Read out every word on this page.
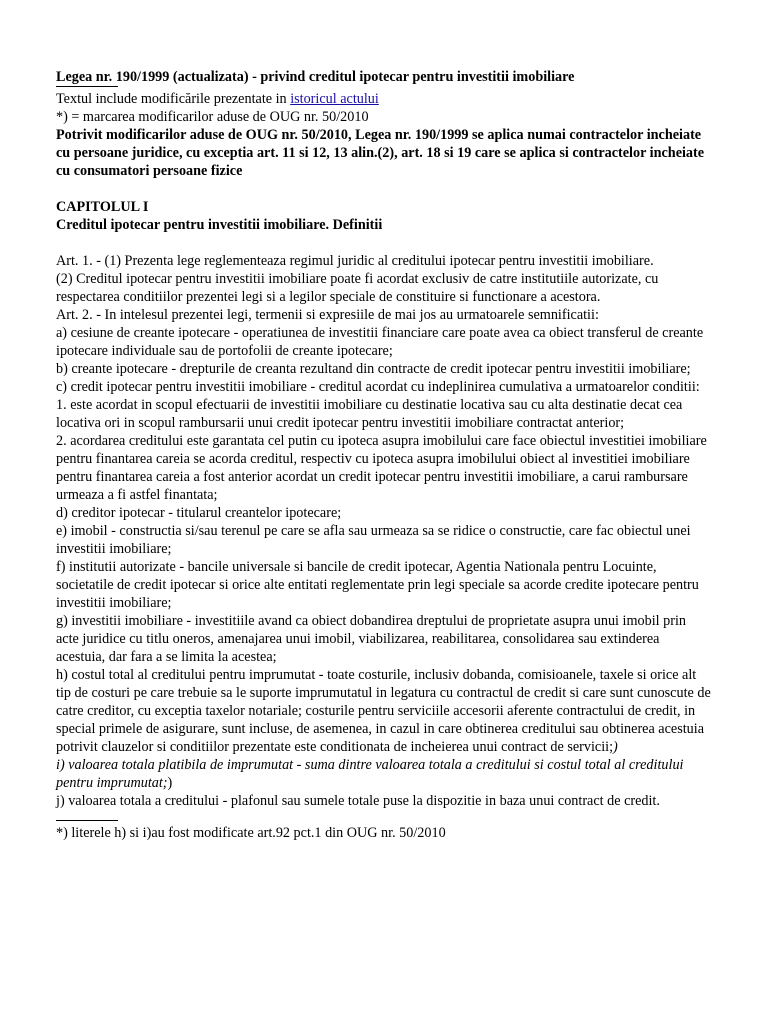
Legea nr. 190/1999 (actualizata) - privind creditul ipotecar pentru investitii imobiliare

Textul include modificările prezentate in istoricul actului

*) = marcarea modificarilor aduse de OUG nr. 50/2010

Potrivit modificarilor aduse de OUG nr. 50/2010, Legea nr. 190/1999 se aplica numai contractelor incheiate cu persoane juridice, cu exceptia art. 11 si 12, 13 alin.(2), art. 18 si 19 care se aplica si contractelor incheiate cu consumatori persoane fizice

CAPITOLUL I

Creditul ipotecar pentru investitii imobiliare. Definitii

Art. 1. - (1) Prezenta lege reglementeaza regimul juridic al creditului ipotecar pentru investitii imobiliare.

(2) Creditul ipotecar pentru investitii imobiliare poate fi acordat exclusiv de catre institutiile autorizate, cu respectarea conditiilor prezentei legi si a legilor speciale de constituire si functionare a acestora.

Art. 2. - In intelesul prezentei legi, termenii si expresiile de mai jos au urmatoarele semnificatii:

a) cesiune de creante ipotecare - operatiunea de investitii financiare care poate avea ca obiect transferul de creante ipotecare individuale sau de portofolii de creante ipotecare;

b) creante ipotecare - drepturile de creanta rezultand din contracte de credit ipotecar pentru investitii imobiliare;

c) credit ipotecar pentru investitii imobiliare - creditul acordat cu indeplinirea cumulativa a urmatoarelor conditii:

1. este acordat in scopul efectuarii de investitii imobiliare cu destinatie locativa sau cu alta destinatie decat cea locativa ori in scopul rambursarii unui credit ipotecar pentru investitii imobiliare contractat anterior;

2. acordarea creditului este garantata cel putin cu ipoteca asupra imobilului care face obiectul investitiei imobiliare pentru finantarea careia se acorda creditul, respectiv cu ipoteca asupra imobilului obiect al investitiei imobiliare pentru finantarea careia a fost anterior acordat un credit ipotecar pentru investitii imobiliare, a carui rambursare urmeaza a fi astfel finantata;

d) creditor ipotecar - titularul creantelor ipotecare;

e) imobil - constructia si/sau terenul pe care se afla sau urmeaza sa se ridice o constructie, care fac obiectul unei investitii imobiliare;

f) institutii autorizate - bancile universale si bancile de credit ipotecar, Agentia Nationala pentru Locuinte, societatile de credit ipotecar si orice alte entitati reglementate prin legi speciale sa acorde credite ipotecare pentru investitii imobiliare;

g) investitii imobiliare - investitiile avand ca obiect dobandirea dreptului de proprietate asupra unui imobil prin acte juridice cu titlu oneros, amenajarea unui imobil, viabilizarea, reabilitarea, consolidarea sau extinderea acestuia, dar fara a se limita la acestea;

h) costul total al creditului pentru imprumutat - toate costurile, inclusiv dobanda, comisioanele, taxele si orice alt tip de costuri pe care trebuie sa le suporte imprumutatul in legatura cu contractul de credit si care sunt cunoscute de catre creditor, cu exceptia taxelor notariale; costurile pentru serviciile accesorii aferente contractului de credit, in special primele de asigurare, sunt incluse, de asemenea, in cazul in care obtinerea creditului sau obtinerea acestuia potrivit clauzelor si conditiilor prezentate este conditionata de incheierea unui contract de servicii;)

i) valoarea totala platibila de imprumutat - suma dintre valoarea totala a creditului si costul total al creditului pentru imprumutat;)

j) valoarea totala a creditului - plafonul sau sumele totale puse la dispozitie in baza unui contract de credit.

*) literele h) si i)au fost modificate art.92 pct.1 din OUG nr. 50/2010
